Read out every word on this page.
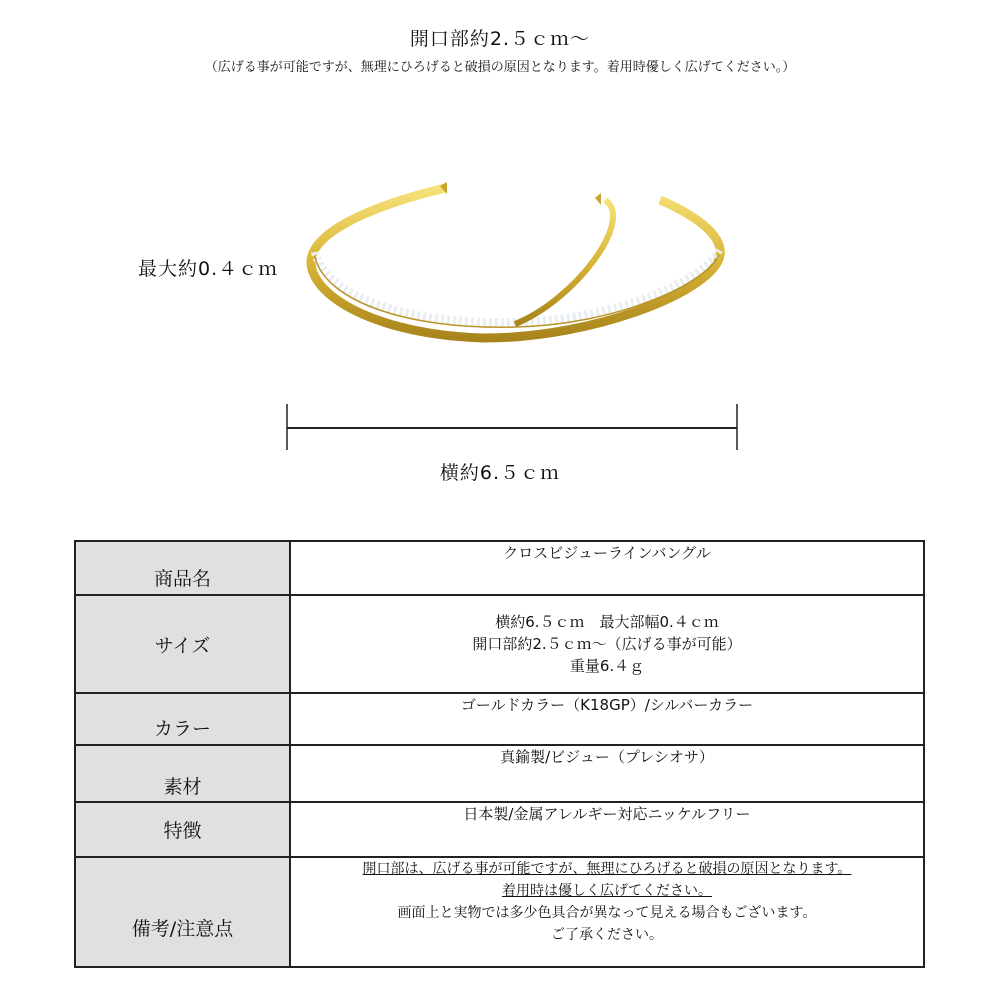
開口部約2.５ｃｍ〜
（広げる事が可能ですが、無理にひろげると破損の原因となります。着用時優しく広げてください。）
最大約0.４ｃｍ
横約6.５ｃｍ
商品名	クロスビジューラインバングル

サイズ	横約6.５ｃｍ　最大部幅0.４ｃｍ
開口部約2.５ｃｍ〜（広げる事が可能）
重量6.４ｇ

カラー	ゴールドカラー（K18GP）/シルバーカラー

素材	真鍮製/ビジュー（プレシオサ）

特徴	日本製/金属アレルギー対応ニッケルフリー

備考/注意点	開口部は、広げる事が可能ですが、無理にひろげると破損の原因となります。
着用時は優しく広げてください。
画面上と実物では多少色具合が異なって見える場合もございます。
ご了承ください。
